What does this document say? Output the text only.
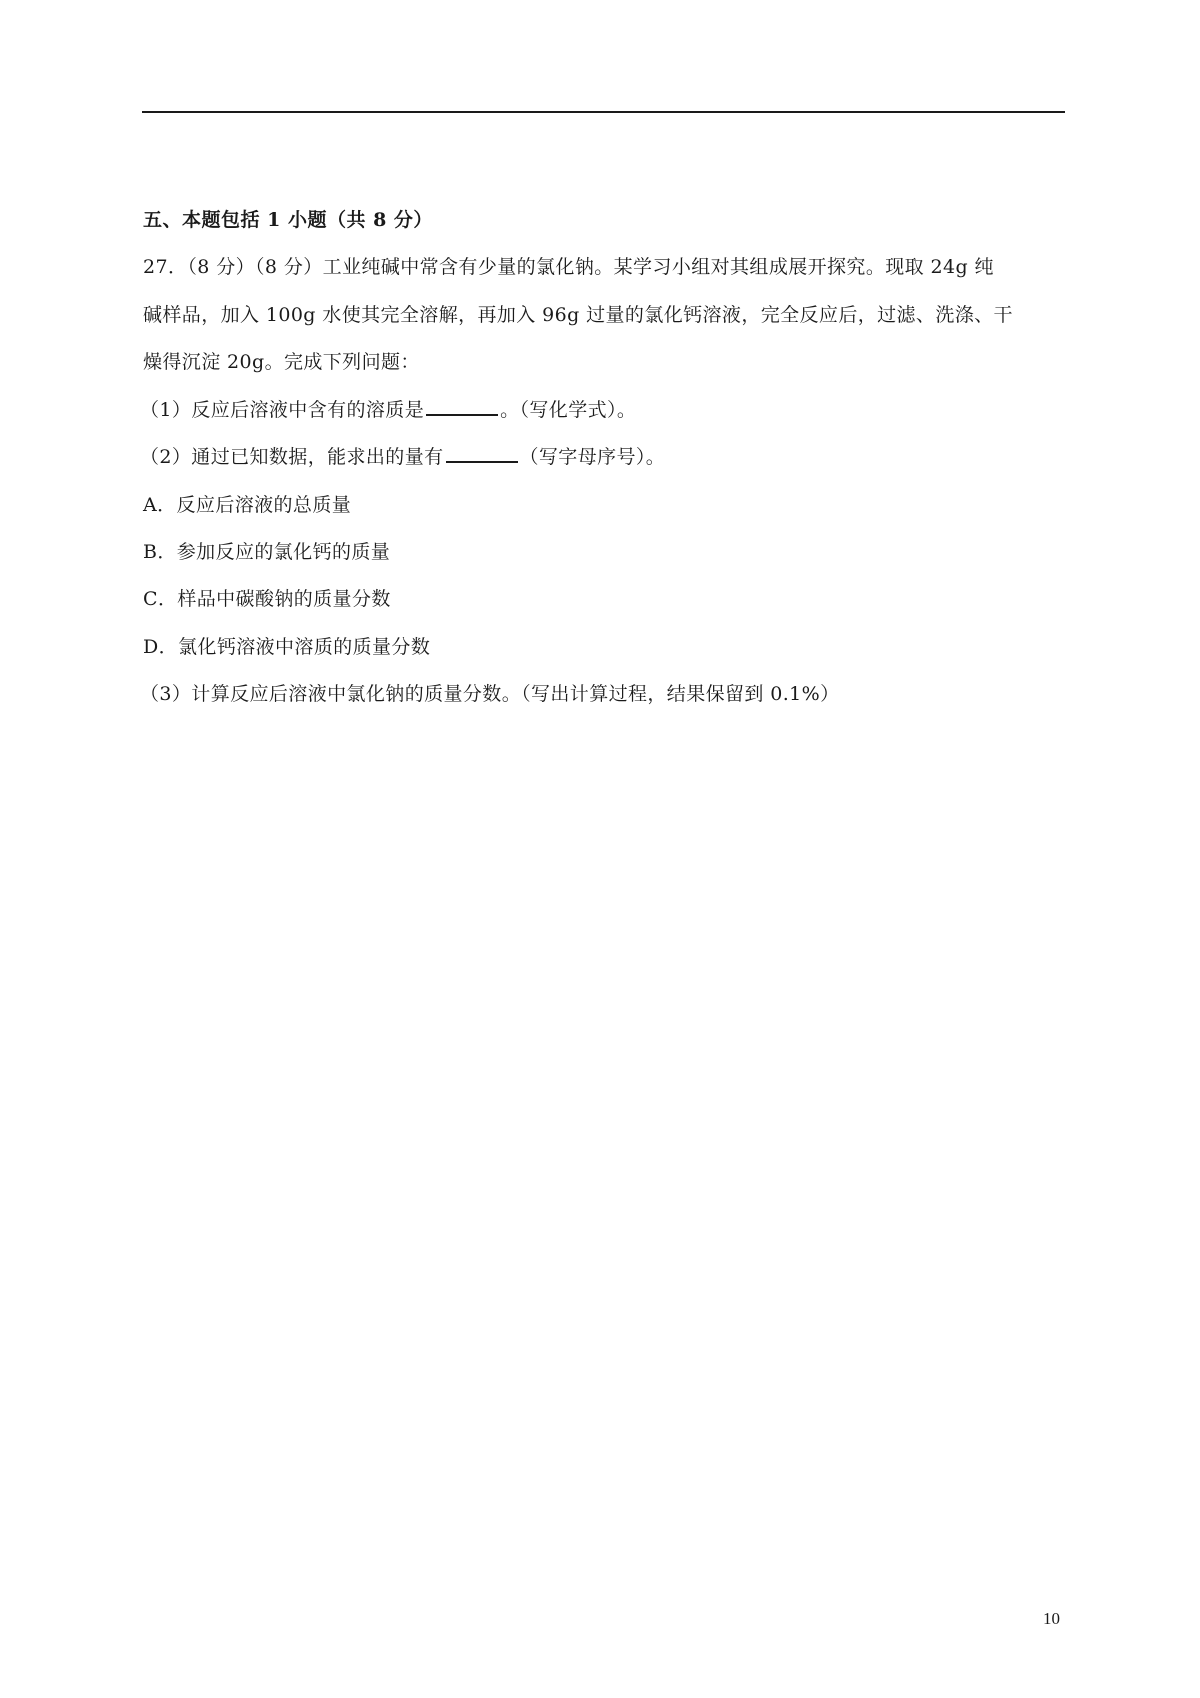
五、本题包括 1 小题（共 8 分）
27．（8 分）（8 分）工业纯碱中常含有少量的氯化钠。某学习小组对其组成展开探究。现取 24g 纯
碱样品，加入 100g 水使其完全溶解，再加入 96g 过量的氯化钙溶液，完全反应后，过滤、洗涤、干
燥得沉淀 20g。完成下列问题：
（1）反应后溶液中含有的溶质是	。（写化学式）。
（2）通过已知数据，能求出的量有	（写字母序号）。
A．反应后溶液的总质量
B．参加反应的氯化钙的质量
C．样品中碳酸钠的质量分数
D．氯化钙溶液中溶质的质量分数
（3）计算反应后溶液中氯化钠的质量分数。（写出计算过程，结果保留到 0.1%）
10
